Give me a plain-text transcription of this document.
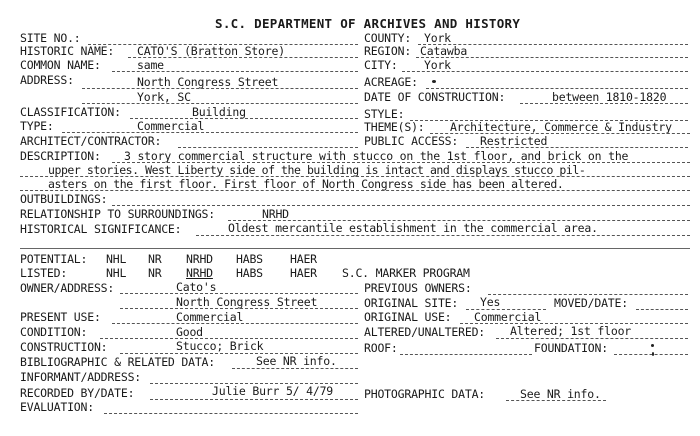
S.C. DEPARTMENT OF ARCHIVES AND HISTORY
SITE NO.:	COUNTY: York
HISTORIC NAME: CATO'S (Bratton Store)	REGION: Catawba
COMMON NAME:	same	CITY: York
ADDRESS:	North Congress Street
York, SC
ACREAGE:
DATE OF CONSTRUCTION:	between 1810-1820
CLASSIFICATION:	Building	STYLE:
TYPE:	Commercial	THEME(S): Architecture, Commerce & Industry
ARCHITECT/CONTRACTOR:	PUBLIC ACCESS: Restricted
DESCRIPTION: 3 story commercial structure with stucco on the 1st floor, and brick on the
upper stories. West Liberty side of the building is intact and displays stucco pil-
asters on the first floor. First floor of North Congress side has been altered.
OUTBUILDINGS:
RELATIONSHIP TO SURROUNDINGS:	NRHD
HISTORICAL SIGNIFICANCE:	Oldest mercantile establishment in the commercial area.
POTENTIAL: NHL NR NRHD HABS HAER
LISTED:	NHL NR NRHD HABS HAER S.C. MARKER PROGRAM
OWNER/ADDRESS:	Cato's
North Congress Street
PREVIOUS OWNERS:
ORIGINAL SITE: Yes	MOVED/DATE:
PRESENT USE:	Commercial	ORIGINAL USE: Commercial
CONDITION:	Good	ALTERED/UNALTERED: Altered; 1st floor
CONSTRUCTION:	Stucco; Brick	ROOF:	FOUNDATION:
BIBLIOGRAPHIC & RELATED DATA:	See NR info.
INFORMANT/ADDRESS:
RECORDED BY/DATE:	Julie Burr 5/ 4/79	PHOTOGRAPHIC DATA:	See NR info.
EVALUATION:
